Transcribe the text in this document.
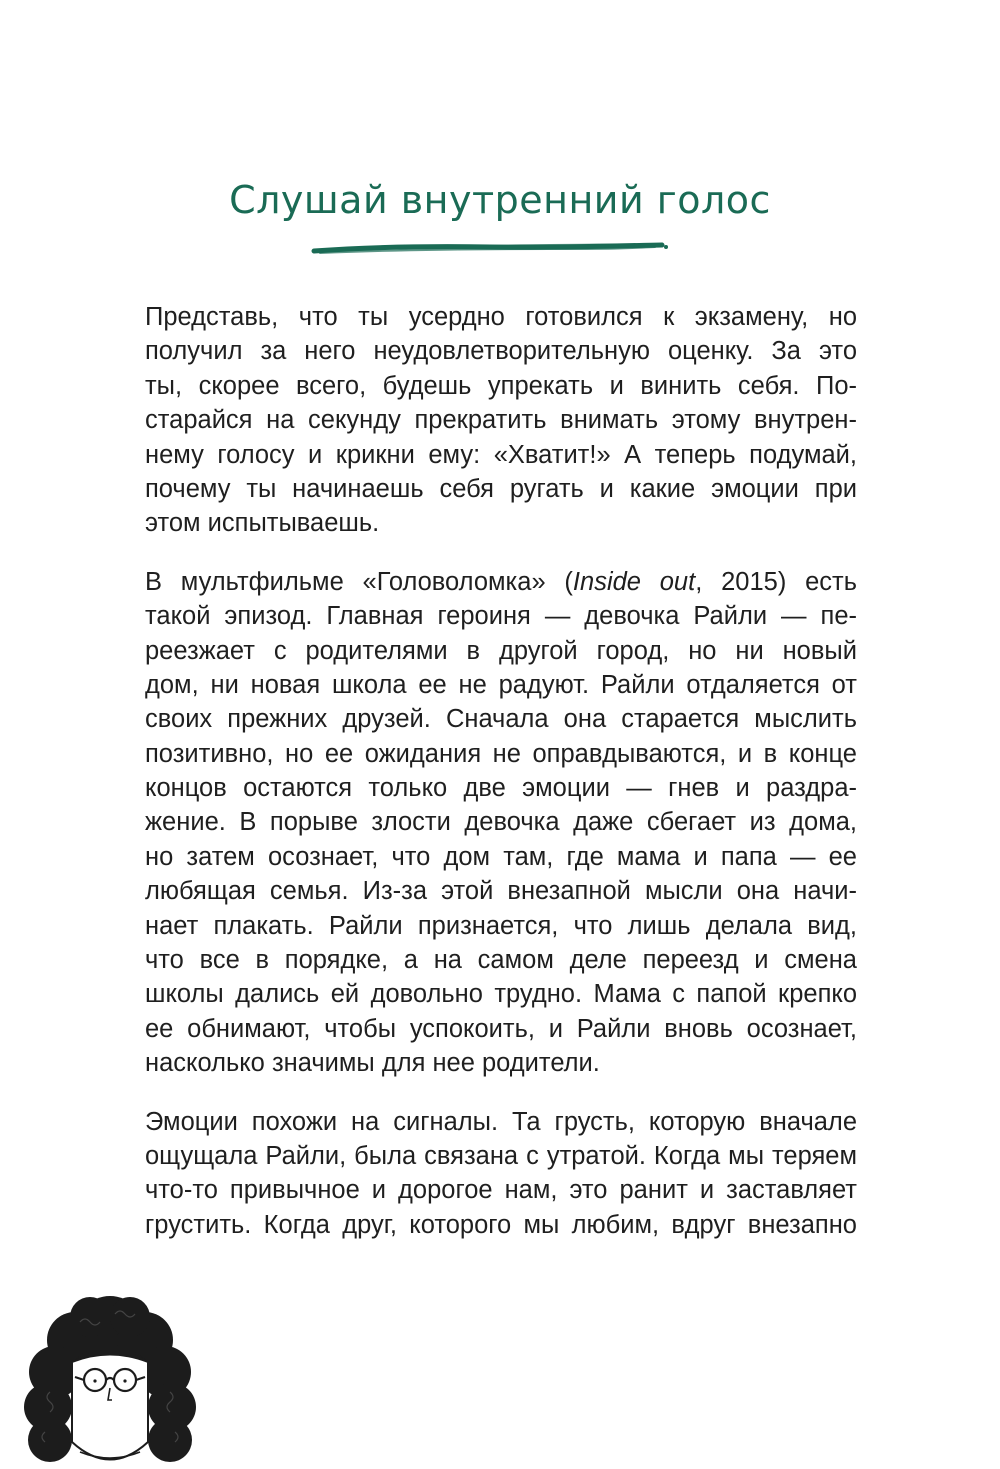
Слушай внутренний голос
Представь, что ты усердно готовился к экзамену, но
получил за него неудовлетворительную оценку. За это
ты, скорее всего, будешь упрекать и винить себя. По-
старайся на секунду прекратить внимать этому внутрен-
нему голосу и крикни ему: «Хватит!» А теперь подумай,
почему ты начинаешь себя ругать и какие эмоции при
этом испытываешь.
В мультфильме «Головоломка» (Inside out, 2015) есть
такой эпизод. Главная героиня — девочка Райли — пе-
реезжает с родителями в другой город, но ни новый
дом, ни новая школа ее не радуют. Райли отдаляется от
своих прежних друзей. Сначала она старается мыслить
позитивно, но ее ожидания не оправдываются, и в конце
концов остаются только две эмоции — гнев и раздра-
жение. В порыве злости девочка даже сбегает из дома,
но затем осознает, что дом там, где мама и папа — ее
любящая семья. Из-за этой внезапной мысли она начи-
нает плакать. Райли признается, что лишь делала вид,
что все в порядке, а на самом деле переезд и смена
школы дались ей довольно трудно. Мама с папой крепко
ее обнимают, чтобы успокоить, и Райли вновь осознает,
насколько значимы для нее родители.
Эмоции похожи на сигналы. Та грусть, которую вначале
ощущала Райли, была связана с утратой. Когда мы теряем
что-то привычное и дорогое нам, это ранит и заставляет
грустить. Когда друг, которого мы любим, вдруг внезапно
